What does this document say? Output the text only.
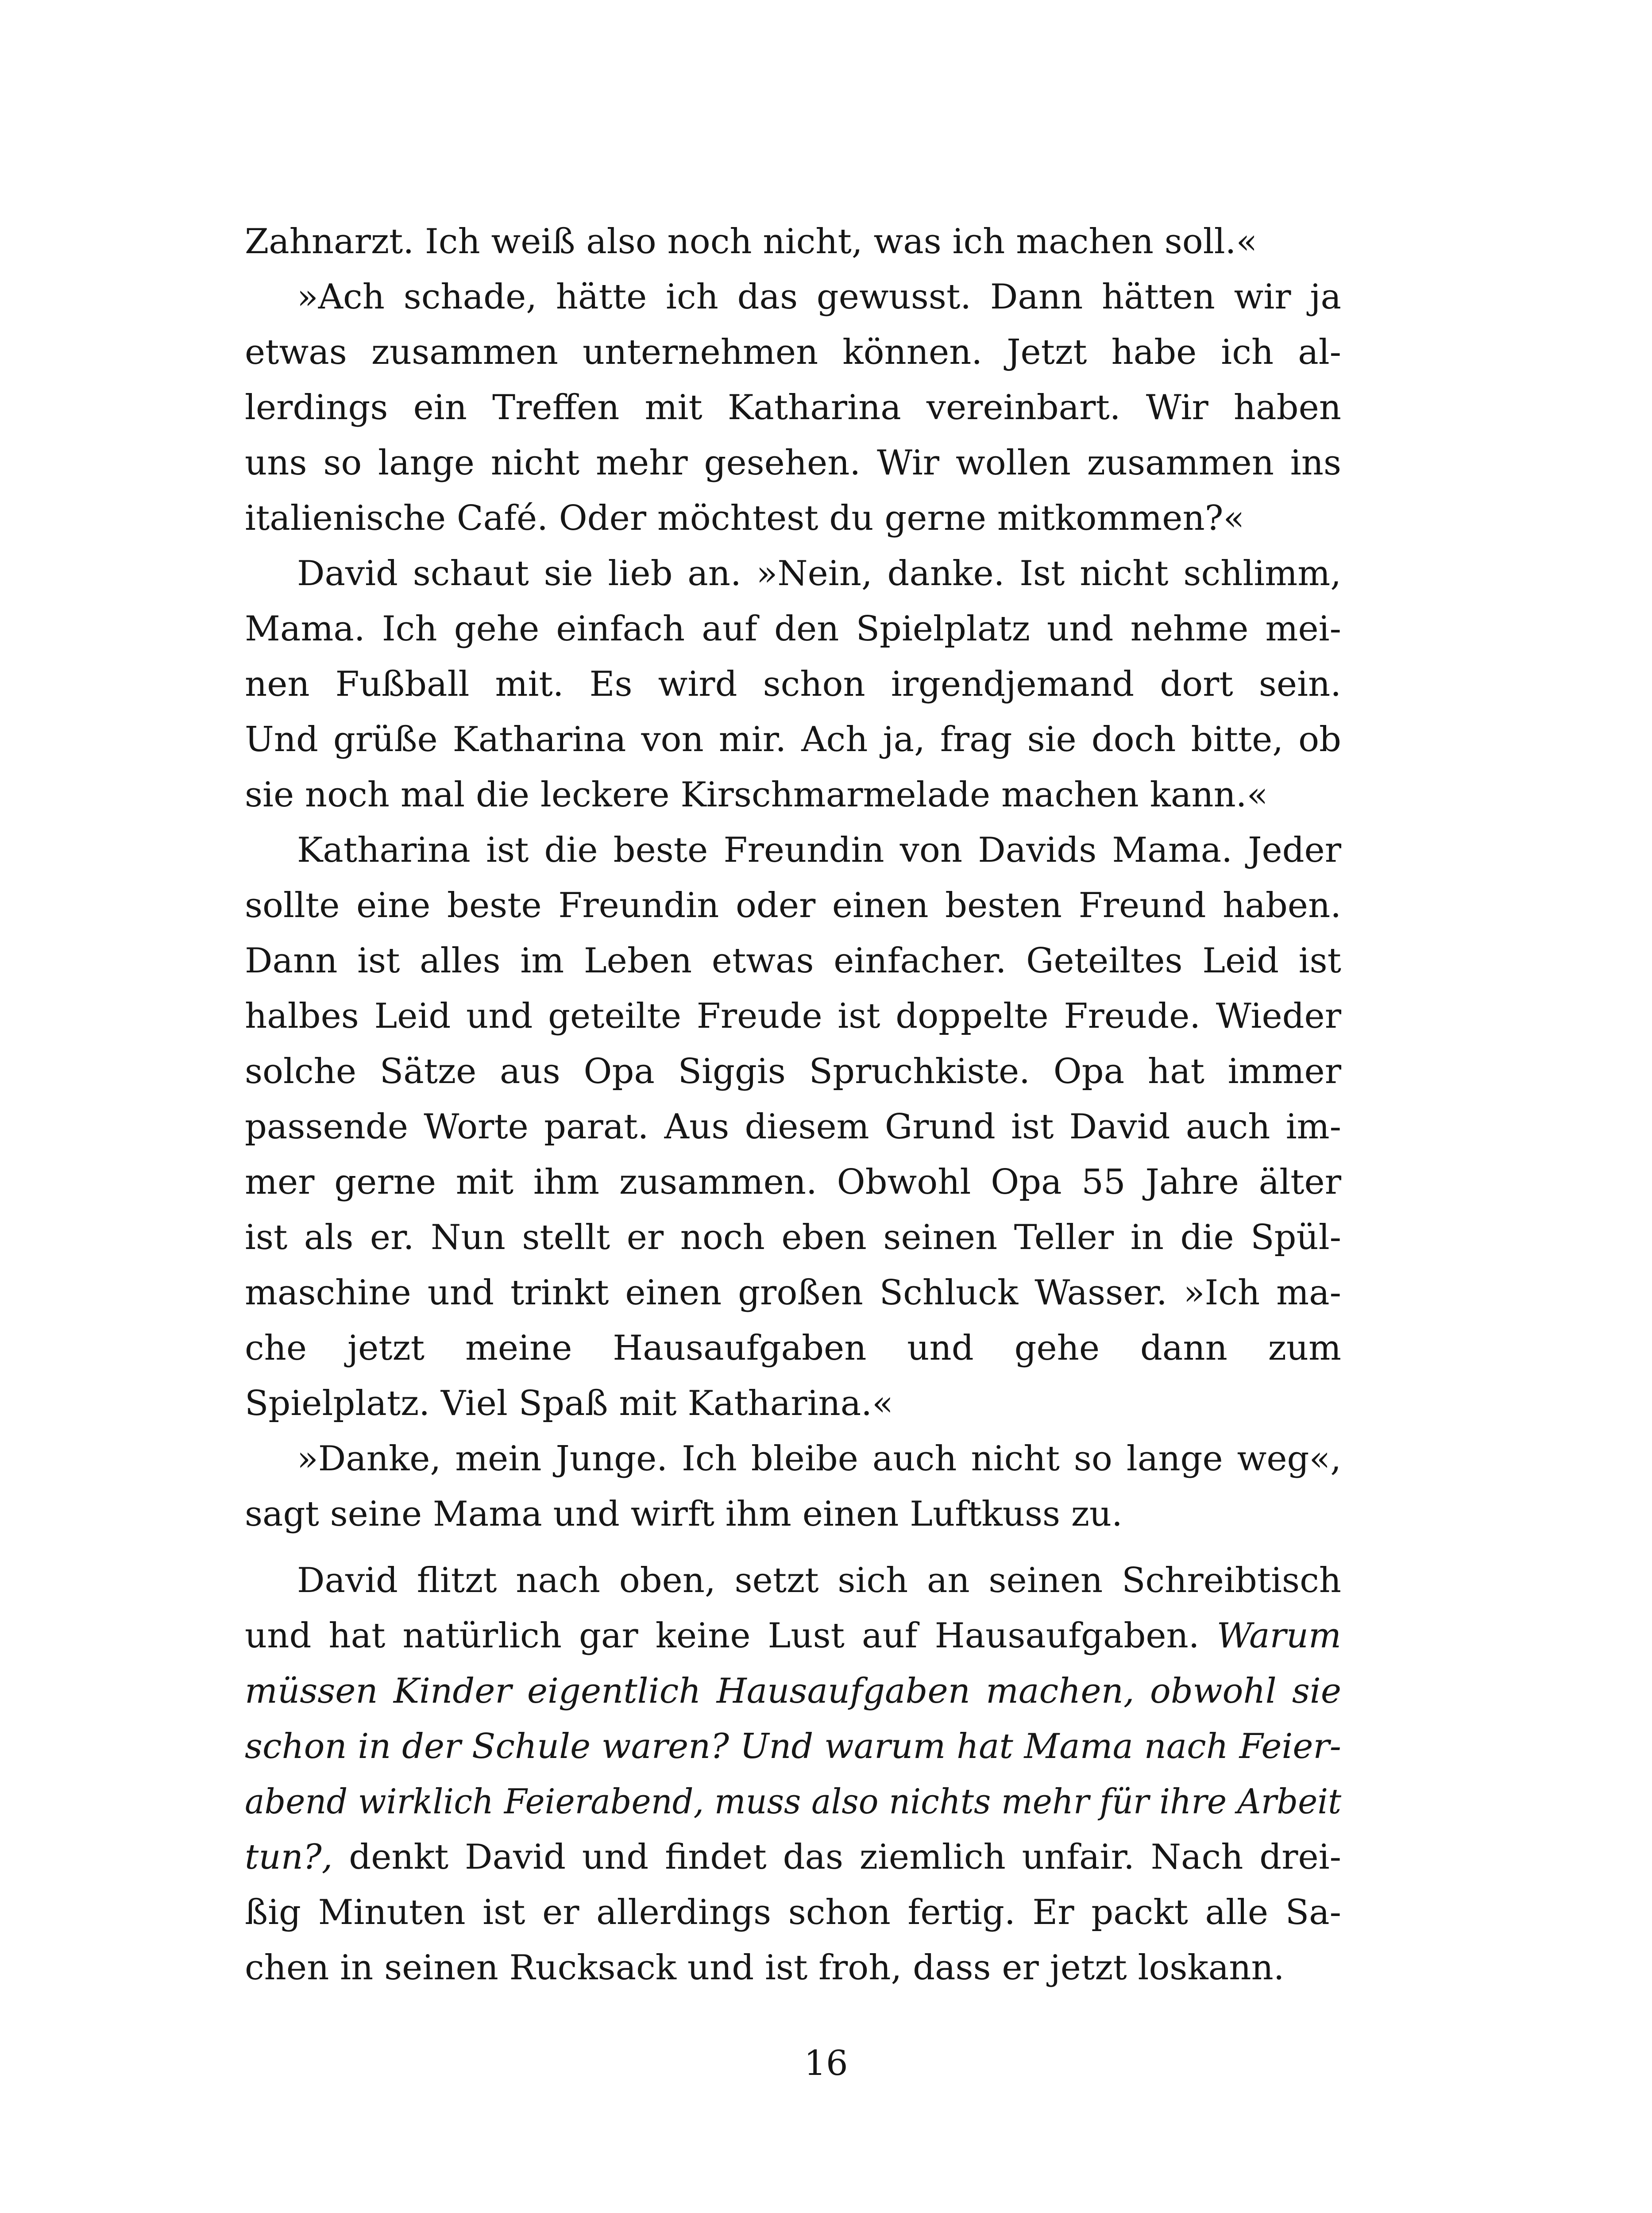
Zahnarzt. Ich weiß also noch nicht, was ich machen soll.«
»Ach schade, hätte ich das gewusst. Dann hätten wir ja
etwas zusammen unternehmen können. Jetzt habe ich al-
lerdings ein Treffen mit Katharina vereinbart. Wir haben
uns so lange nicht mehr gesehen. Wir wollen zusammen ins
italienische Café. Oder möchtest du gerne mitkommen?«
David schaut sie lieb an. »Nein, danke. Ist nicht schlimm,
Mama. Ich gehe einfach auf den Spielplatz und nehme mei-
nen Fußball mit. Es wird schon irgendjemand dort sein.
Und grüße Katharina von mir. Ach ja, frag sie doch bitte, ob
sie noch mal die leckere Kirschmarmelade machen kann.«
Katharina ist die beste Freundin von Davids Mama. Jeder
sollte eine beste Freundin oder einen besten Freund haben.
Dann ist alles im Leben etwas einfacher. Geteiltes Leid ist
halbes Leid und geteilte Freude ist doppelte Freude. Wieder
solche Sätze aus Opa Siggis Spruchkiste. Opa hat immer
passende Worte parat. Aus diesem Grund ist David auch im-
mer gerne mit ihm zusammen. Obwohl Opa 55 Jahre älter
ist als er. Nun stellt er noch eben seinen Teller in die Spül-
maschine und trinkt einen großen Schluck Wasser. »Ich ma-
che jetzt meine Hausaufgaben und gehe dann zum
Spielplatz. Viel Spaß mit Katharina.«
»Danke, mein Junge. Ich bleibe auch nicht so lange weg«,
sagt seine Mama und wirft ihm einen Luftkuss zu.
David flitzt nach oben, setzt sich an seinen Schreibtisch
und hat natürlich gar keine Lust auf Hausaufgaben. Warum
müssen Kinder eigentlich Hausaufgaben machen, obwohl sie
schon in der Schule waren? Und warum hat Mama nach Feier-
abend wirklich Feierabend, muss also nichts mehr für ihre Arbeit
tun?, denkt David und findet das ziemlich unfair. Nach drei-
ßig Minuten ist er allerdings schon fertig. Er packt alle Sa-
chen in seinen Rucksack und ist froh, dass er jetzt loskann.
16
